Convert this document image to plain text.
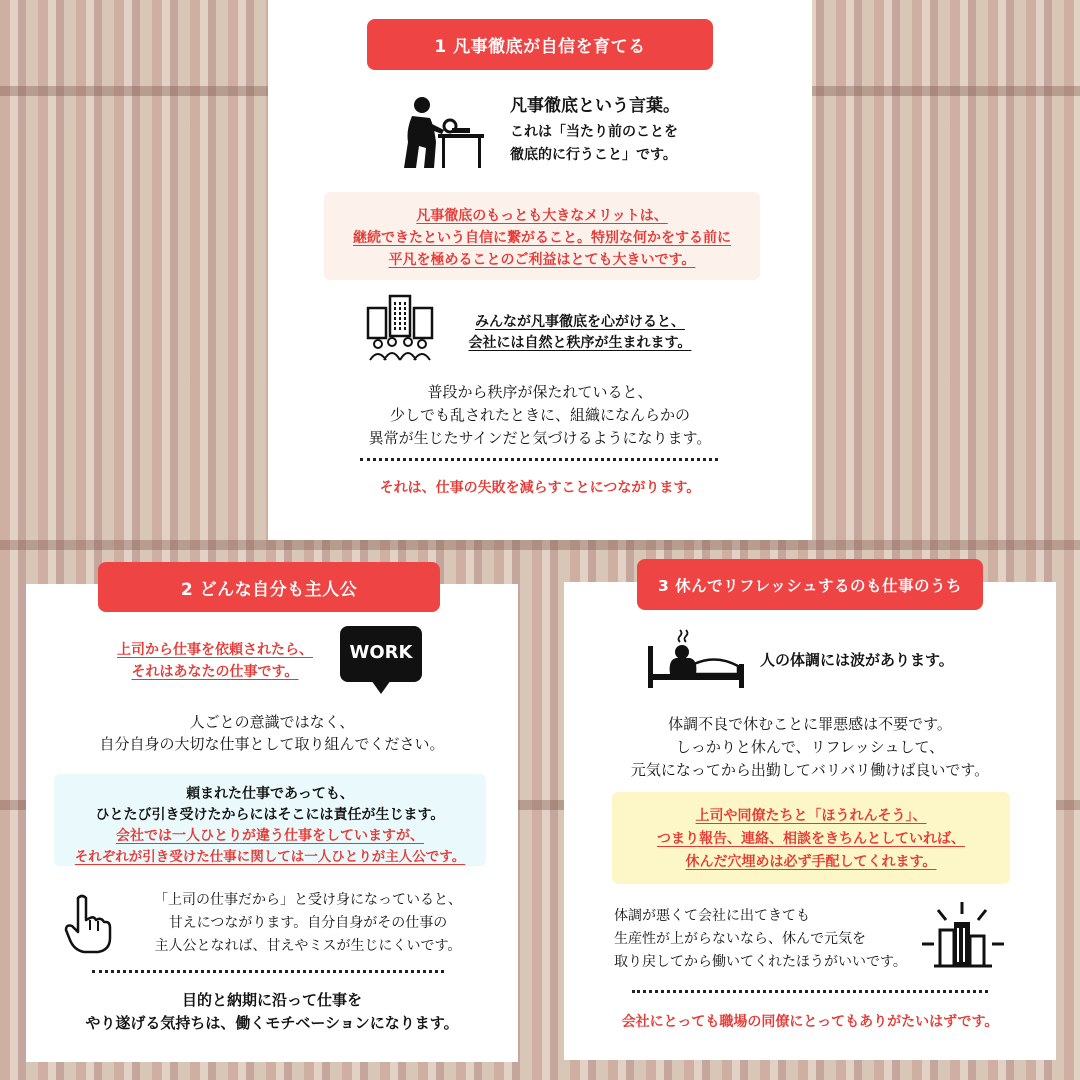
1 凡事徹底が自信を育てる
凡事徹底という言葉。
これは「当たり前のことを
徹底的に行うこと」です。
凡事徹底のもっとも大きなメリットは、
継続できたという自信に繋がること。特別な何かをする前に
平凡を極めることのご利益はとても大きいです。
みんなが凡事徹底を心がけると、
会社には自然と秩序が生まれます。
普段から秩序が保たれていると、
少しでも乱されたときに、組織になんらかの
異常が生じたサインだと気づけるようになります。
それは、仕事の失敗を減らすことにつながります。
2 どんな自分も主人公
上司から仕事を依頼されたら、
それはあなたの仕事です。
WORK
人ごとの意識ではなく、
自分自身の大切な仕事として取り組んでください。
頼まれた仕事であっても、
ひとたび引き受けたからにはそこには責任が生じます。
会社では一人ひとりが違う仕事をしていますが、
それぞれが引き受けた仕事に関しては一人ひとりが主人公です。
「上司の仕事だから」と受け身になっていると、
甘えにつながります。自分自身がその仕事の
主人公となれば、甘えやミスが生じにくいです。
目的と納期に沿って仕事を
やり遂げる気持ちは、働くモチベーションになります。
3 休んでリフレッシュするのも仕事のうち
人の体調には波があります。
体調不良で休むことに罪悪感は不要です。
しっかりと休んで、リフレッシュして、
元気になってから出勤してバリバリ働けば良いです。
上司や同僚たちと「ほうれんそう」、
つまり報告、連絡、相談をきちんとしていれば、
休んだ穴埋めは必ず手配してくれます。
体調が悪くて会社に出てきても
生産性が上がらないなら、休んで元気を
取り戻してから働いてくれたほうがいいです。
会社にとっても職場の同僚にとってもありがたいはずです。
